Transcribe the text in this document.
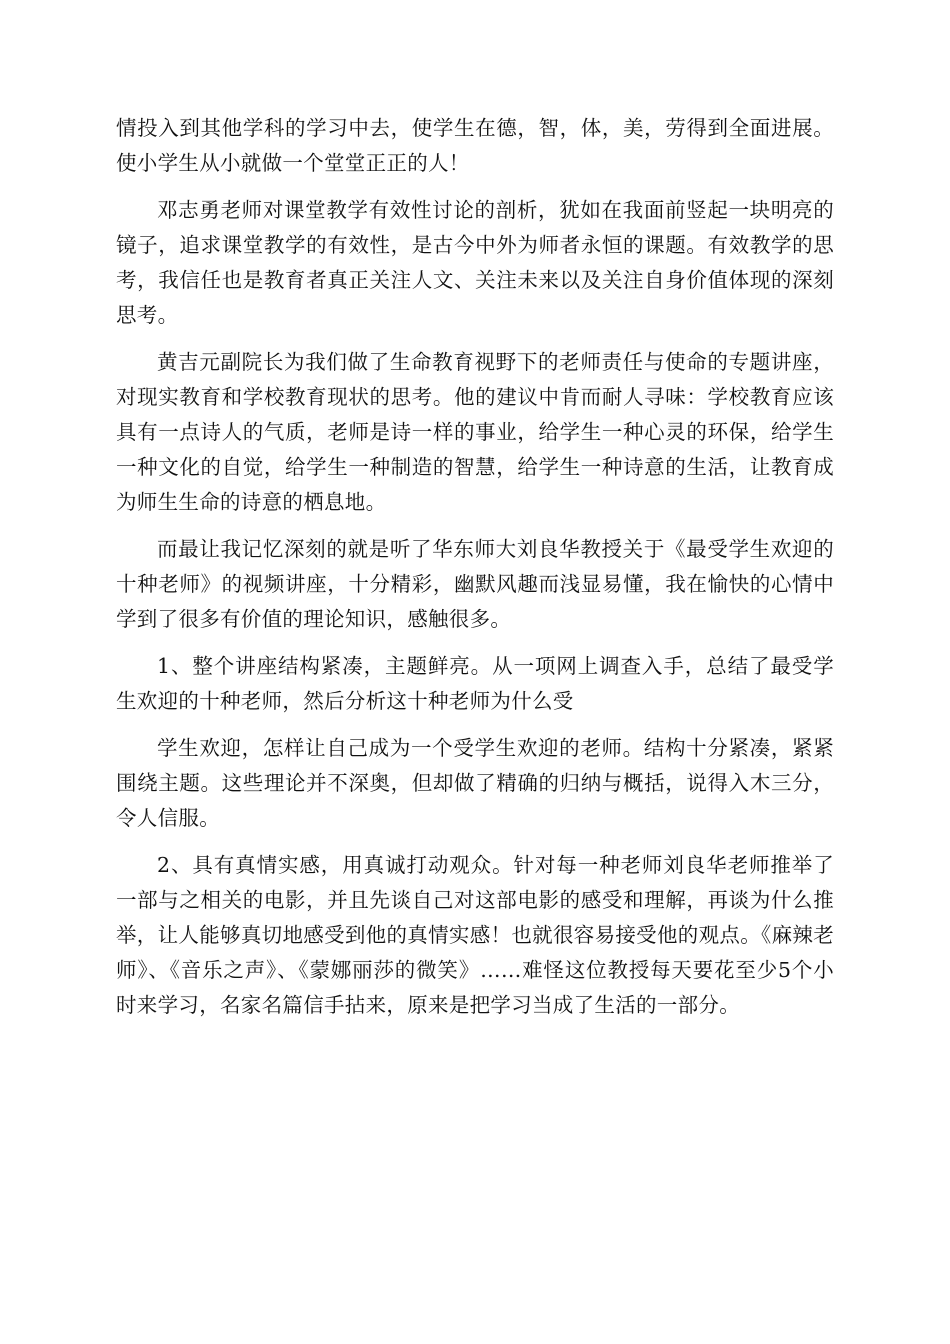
情投入到其他学科的学习中去，使学生在德，智，体，美，劳得到全面进展。使小学生从小就做一个堂堂正正的人！

邓志勇老师对课堂教学有效性讨论的剖析，犹如在我面前竖起一块明亮的镜子，追求课堂教学的有效性，是古今中外为师者永恒的课题。有效教学的思考，我信任也是教育者真正关注人文、关注未来以及关注自身价值体现的深刻思考。

黄吉元副院长为我们做了生命教育视野下的老师责任与使命的专题讲座，对现实教育和学校教育现状的思考。他的建议中肯而耐人寻味：学校教育应该具有一点诗人的气质，老师是诗一样的事业，给学生一种心灵的环保，给学生一种文化的自觉，给学生一种制造的智慧，给学生一种诗意的生活，让教育成为师生生命的诗意的栖息地。

而最让我记忆深刻的就是听了华东师大刘良华教授关于《最受学生欢迎的十种老师》的视频讲座，十分精彩，幽默风趣而浅显易懂，我在愉快的心情中学到了很多有价值的理论知识，感触很多。

1、整个讲座结构紧凑，主题鲜亮。从一项网上调查入手，总结了最受学生欢迎的十种老师，然后分析这十种老师为什么受

学生欢迎，怎样让自己成为一个受学生欢迎的老师。结构十分紧凑，紧紧围绕主题。这些理论并不深奥，但却做了精确的归纳与概括，说得入木三分，令人信服。

2、具有真情实感，用真诚打动观众。针对每一种老师刘良华老师推举了一部与之相关的电影，并且先谈自己对这部电影的感受和理解，再谈为什么推举，让人能够真切地感受到他的真情实感！也就很容易接受他的观点。《麻辣老师》、《音乐之声》、《蒙娜丽莎的微笑》……难怪这位教授每天要花至少5个小时来学习，名家名篇信手拈来，原来是把学习当成了生活的一部分。
